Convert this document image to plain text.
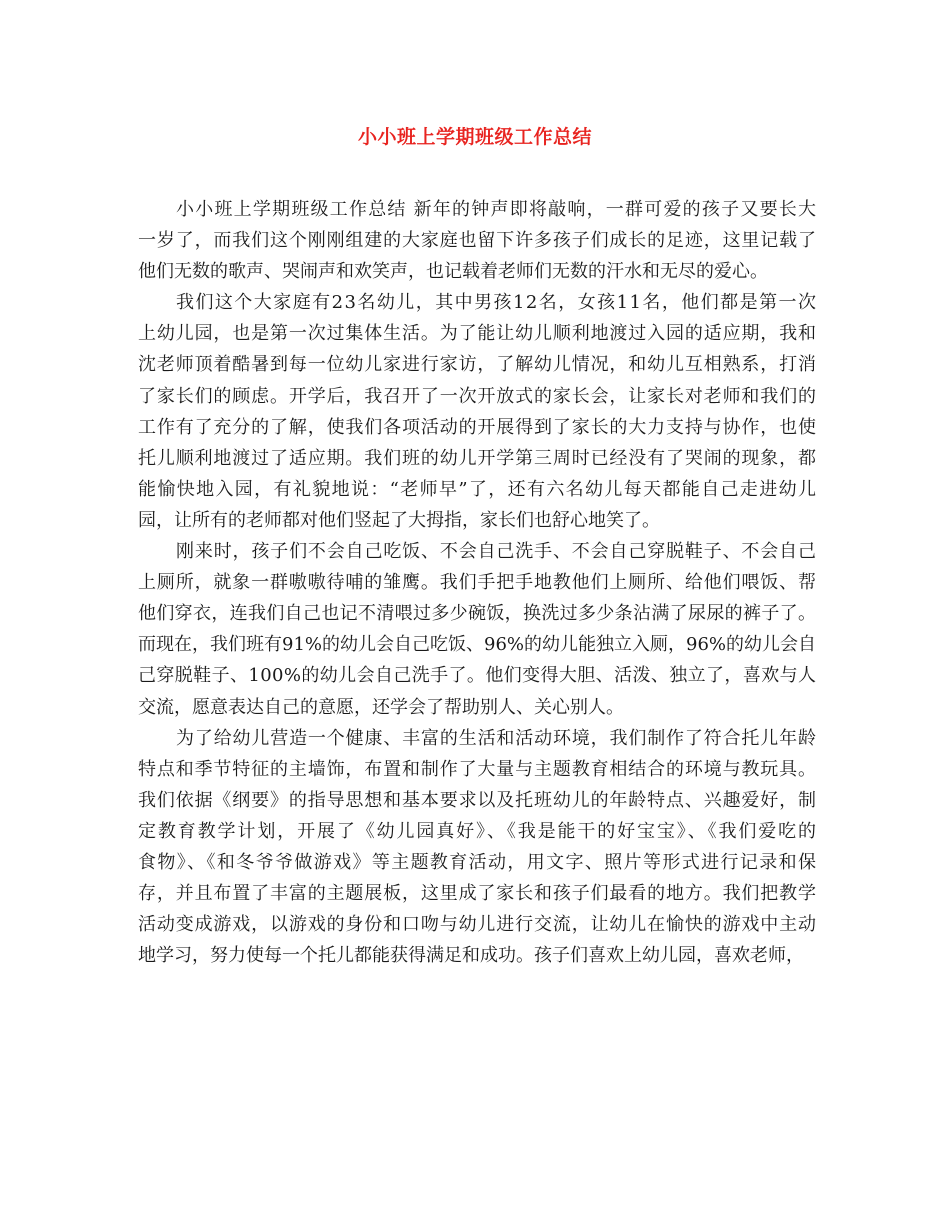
小小班上学期班级工作总结
小小班上学期班级工作总结 新年的钟声即将敲响，一群可爱的孩子又要长大
一岁了，而我们这个刚刚组建的大家庭也留下许多孩子们成长的足迹，这里记载了
他们无数的歌声、哭闹声和欢笑声，也记载着老师们无数的汗水和无尽的爱心。
我们这个大家庭有23名幼儿，其中男孩12名，女孩11名，他们都是第一次
上幼儿园，也是第一次过集体生活。为了能让幼儿顺利地渡过入园的适应期，我和
沈老师顶着酷暑到每一位幼儿家进行家访，了解幼儿情况，和幼儿互相熟系，打消
了家长们的顾虑。开学后，我召开了一次开放式的家长会，让家长对老师和我们的
工作有了充分的了解，使我们各项活动的开展得到了家长的大力支持与协作，也使
托儿顺利地渡过了适应期。我们班的幼儿开学第三周时已经没有了哭闹的现象，都
能愉快地入园，有礼貌地说：“老师早”了，还有六名幼儿每天都能自己走进幼儿
园，让所有的老师都对他们竖起了大拇指，家长们也舒心地笑了。
刚来时，孩子们不会自己吃饭、不会自己洗手、不会自己穿脱鞋子、不会自己
上厕所，就象一群嗷嗷待哺的雏鹰。我们手把手地教他们上厕所、给他们喂饭、帮
他们穿衣，连我们自己也记不清喂过多少碗饭，换洗过多少条沾满了尿尿的裤子了。
而现在，我们班有91%的幼儿会自己吃饭、96%的幼儿能独立入厕，96%的幼儿会自
己穿脱鞋子、100%的幼儿会自己洗手了。他们变得大胆、活泼、独立了，喜欢与人
交流，愿意表达自己的意愿，还学会了帮助别人、关心别人。
为了给幼儿营造一个健康、丰富的生活和活动环境，我们制作了符合托儿年龄
特点和季节特征的主墙饰，布置和制作了大量与主题教育相结合的环境与教玩具。
我们依据《纲要》的指导思想和基本要求以及托班幼儿的年龄特点、兴趣爱好，制
定教育教学计划，开展了《幼儿园真好》、《我是能干的好宝宝》、《我们爱吃的
食物》、《和冬爷爷做游戏》等主题教育活动，用文字、照片等形式进行记录和保
存，并且布置了丰富的主题展板，这里成了家长和孩子们最看的地方。我们把教学
活动变成游戏，以游戏的身份和口吻与幼儿进行交流，让幼儿在愉快的游戏中主动
地学习，努力使每一个托儿都能获得满足和成功。孩子们喜欢上幼儿园，喜欢老师，
